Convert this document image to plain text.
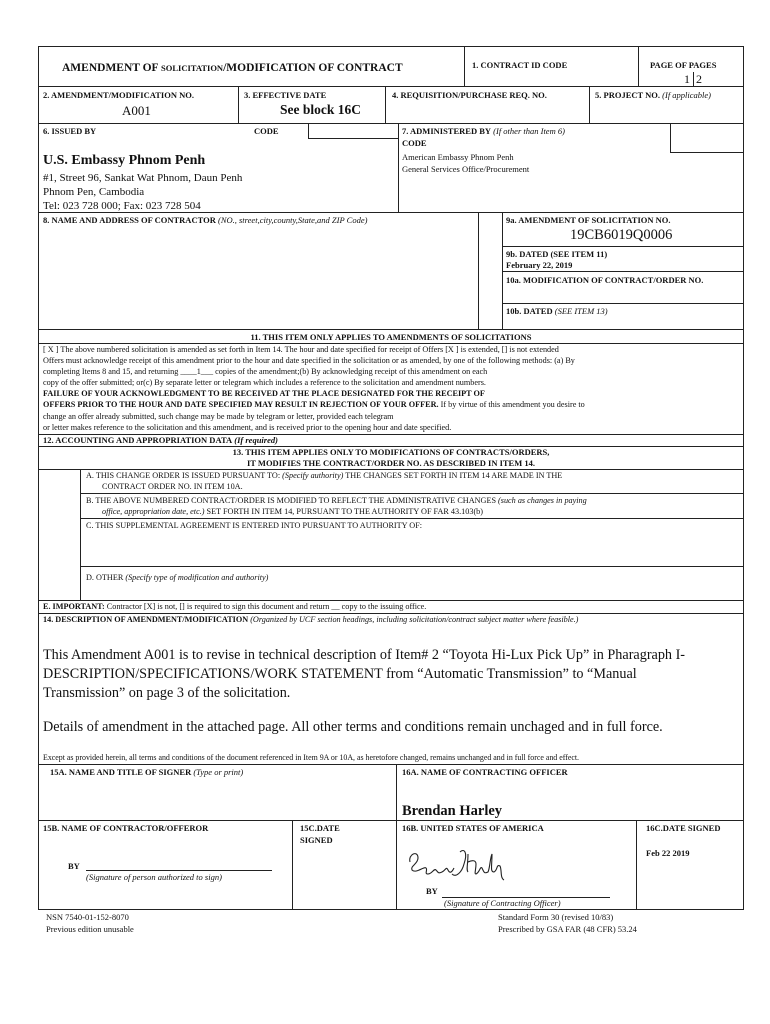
AMENDMENT OF SOLICITATION/MODIFICATION OF CONTRACT	1. CONTRACT ID CODE	PAGE OF PAGES
1 2
2. AMENDMENT/MODIFICATION NO.
A001
3. EFFECTIVE DATE
See block 16C
4. REQUISITION/PURCHASE REQ. NO.	5. PROJECT NO. (If applicable)
6. ISSUED BY	CODE
U.S. Embassy Phnom Penh
#1, Street 96, Sankat Wat Phnom, Daun Penh
Phnom Pen, Cambodia
Tel: 023 728 000; Fax: 023 728 504
7. ADMINISTERED BY (If other than Item 6)
CODE
American Embassy Phnom Penh
General Services Office/Procurement
8. NAME AND ADDRESS OF CONTRACTOR (NO., street,city,county,State,and ZIP Code)	9a. AMENDMENT OF SOLICITATION NO.
19CB6019Q0006
9b. DATED (SEE ITEM 11)
February 22, 2019
10a. MODIFICATION OF CONTRACT/ORDER NO.
10b. DATED (SEE ITEM 13)
11. THIS ITEM ONLY APPLIES TO AMENDMENTS OF SOLICITATIONS
[ X ] The above numbered solicitation is amended as set forth in Item 14. The hour and date specified for receipt of Offers [X ] is extended, [] is not extended
Offers must acknowledge receipt of this amendment prior to the hour and date specified in the solicitation or as amended, by one of the following methods: (a) By
completing Items 8 and 15, and returning ____1___ copies of the amendment;(b) By acknowledging receipt of this amendment on each
copy of the offer submitted; or(c) By separate letter or telegram which includes a reference to the solicitation and amendment numbers.
FAILURE OF YOUR ACKNOWLEDGMENT TO BE RECEIVED AT THE PLACE DESIGNATED FOR THE RECEIPT OF
OFFERS PRIOR TO THE HOUR AND DATE SPECIFIED MAY RESULT IN REJECTION OF YOUR OFFER. If by virtue of this amendment you desire to
change an offer already submitted, such change may be made by telegram or letter, provided each telegram
or letter makes reference to the solicitation and this amendment, and is received prior to the opening hour and date specified.
12. ACCOUNTING AND APPROPRIATION DATA (If required)
13. THIS ITEM APPLIES ONLY TO MODIFICATIONS OF CONTRACTS/ORDERS,
IT MODIFIES THE CONTRACT/ORDER NO. AS DESCRIBED IN ITEM 14.
A. THIS CHANGE ORDER IS ISSUED PURSUANT TO: (Specify authority) THE CHANGES SET FORTH IN ITEM 14 ARE MADE IN THE
CONTRACT ORDER NO. IN ITEM 10A.
B. THE ABOVE NUMBERED CONTRACT/ORDER IS MODIFIED TO REFLECT THE ADMINISTRATIVE CHANGES (such as changes in paying
office, appropriation date, etc.) SET FORTH IN ITEM 14, PURSUANT TO THE AUTHORITY OF FAR 43.103(b)
C. THIS SUPPLEMENTAL AGREEMENT IS ENTERED INTO PURSUANT TO AUTHORITY OF:
D. OTHER (Specify type of modification and authority)
E. IMPORTANT: Contractor [X] is not, [] is required to sign this document and return __ copy to the issuing office.
14. DESCRIPTION OF AMENDMENT/MODIFICATION (Organized by UCF section headings, including solicitation/contract subject matter where feasible.)
This Amendment A001 is to revise in technical description of Item# 2 “Toyota Hi-Lux Pick Up” in Pharagraph I-
DESCRIPTION/SPECIFICATIONS/WORK STATEMENT from “Automatic Transmission” to “Manual
Transmission” on page 3 of the solicitation.
Details of amendment in the attached page. All other terms and conditions remain unchaged and in full force.
Except as provided herein, all terms and conditions of the document referenced in Item 9A or 10A, as heretofore changed, remains unchanged and in full force and effect.
15A. NAME AND TITLE OF SIGNER (Type or print)	16A. NAME OF CONTRACTING OFFICER
Brendan Harley
15B. NAME OF CONTRACTOR/OFFEROR	15C.DATE
SIGNED
16B. UNITED STATES OF AMERICA	16C.DATE SIGNED
Feb 22 2019
BY
(Signature of person authorized to sign)
BY
(Signature of Contracting Officer)
NSN 7540-01-152-8070
Previous edition unusable
Standard Form 30 (revised 10/83)
Prescribed by GSA FAR (48 CFR) 53.24
